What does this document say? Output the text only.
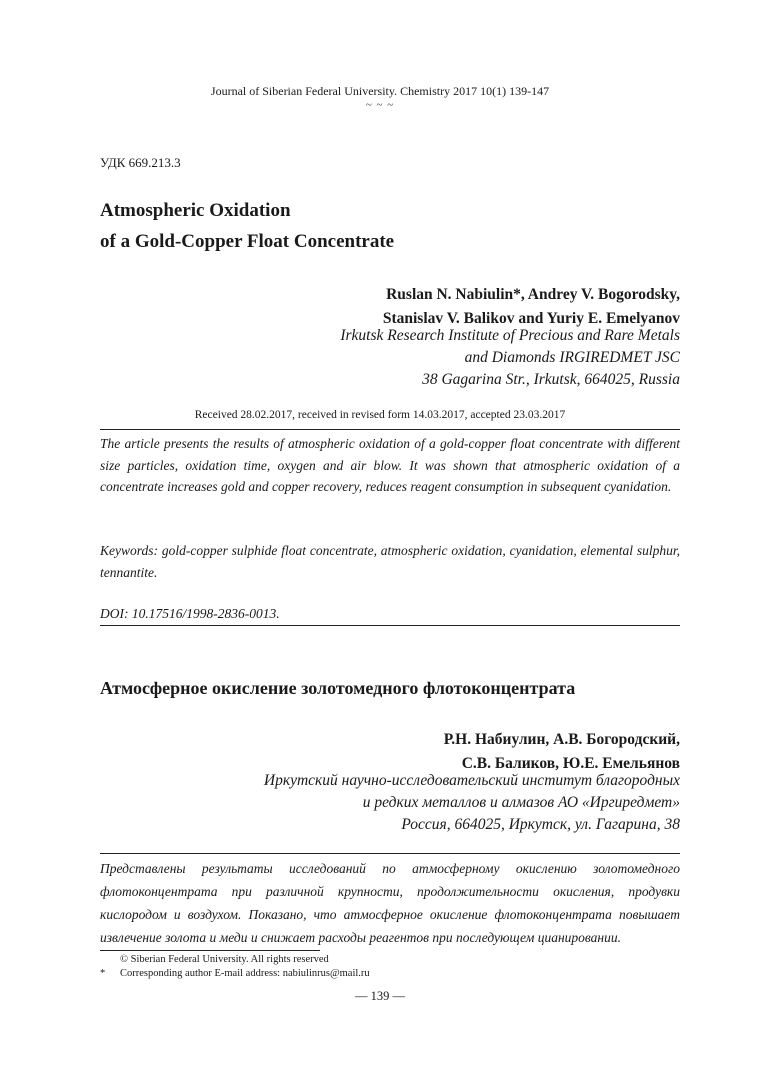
Journal of Siberian Federal University. Chemistry 2017 10(1) 139-147
~ ~ ~
УДК 669.213.3
Atmospheric Oxidation
of a Gold-Copper Float Concentrate
Ruslan N. Nabiulin*, Andrey V. Bogorodsky,
Stanislav V. Balikov and Yuriy E. Emelyanov
Irkutsk Research Institute of Precious and Rare Metals
and Diamonds IRGIREDMET JSC
38 Gagarina Str., Irkutsk, 664025, Russia
Received 28.02.2017, received in revised form 14.03.2017, accepted 23.03.2017
The article presents the results of atmospheric oxidation of a gold-copper float concentrate with different size particles, oxidation time, oxygen and air blow. It was shown that atmospheric oxidation of a concentrate increases gold and copper recovery, reduces reagent consumption in subsequent cyanidation.
Keywords: gold-copper sulphide float concentrate, atmospheric oxidation, cyanidation, elemental sulphur, tennantite.
DOI: 10.17516/1998-2836-0013.
Атмосферное окисление золотомедного флотоконцентрата
Р.Н. Набиулин, А.В. Богородский,
С.В. Баликов, Ю.Е. Емельянов
Иркутский научно-исследовательский институт благородных
и редких металлов и алмазов АО «Иргиредмет»
Россия, 664025, Иркутск, ул. Гагарина, 38
Представлены результаты исследований по атмосферному окислению золотомедного флотоконцентрата при различной крупности, продолжительности окисления, продувки кислородом и воздухом. Показано, что атмосферное окисление флотоконцентрата повышает извлечение золота и меди и снижает расходы реагентов при последующем цианировании.
© Siberian Federal University. All rights reserved
* Corresponding author E-mail address: nabiulinrus@mail.ru
— 139 —
